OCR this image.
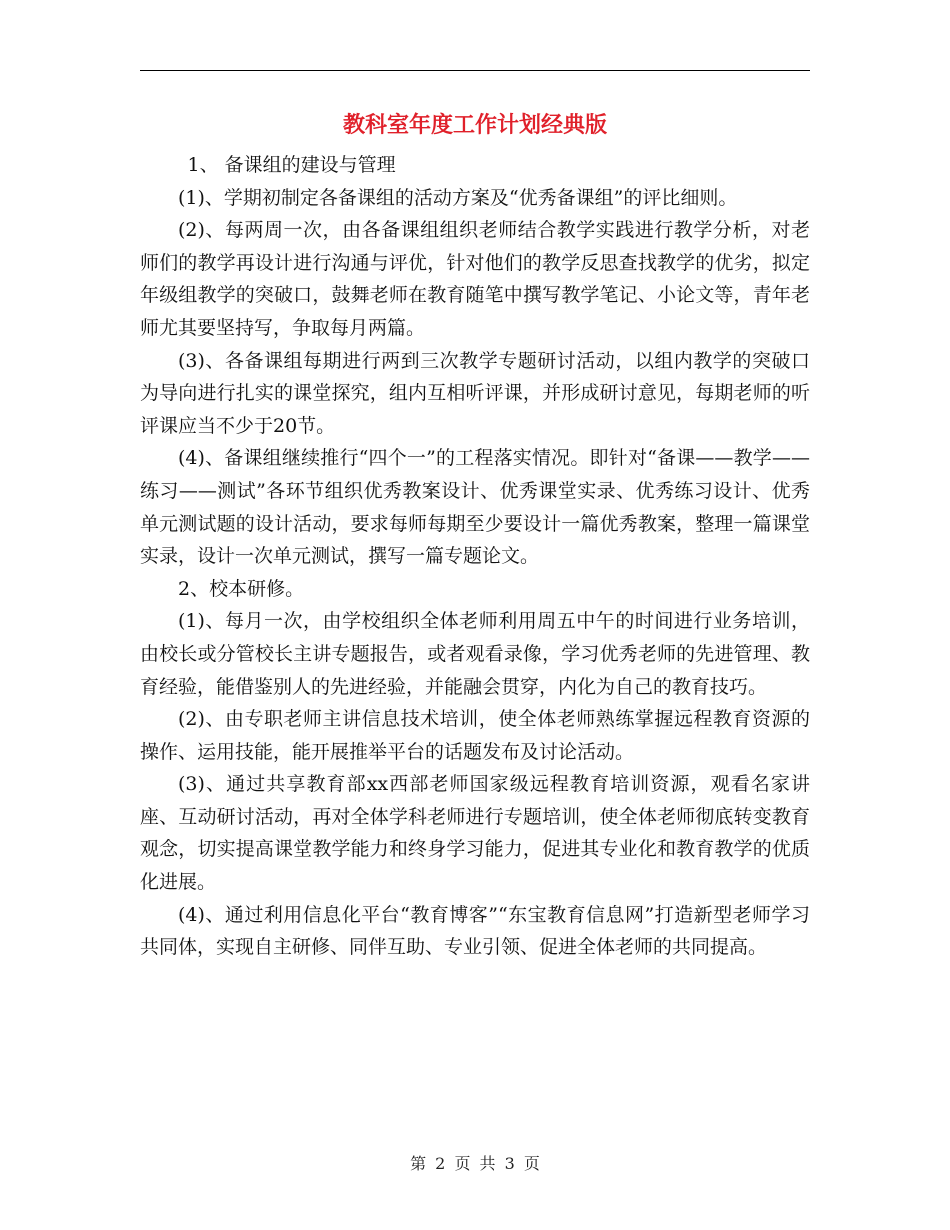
教科室年度工作计划经典版

1、 备课组的建设与管理

(1)、学期初制定各备课组的活动方案及“优秀备课组”的评比细则。

(2)、每两周一次，由各备课组组织老师结合教学实践进行教学分析，对老师们的教学再设计进行沟通与评优，针对他们的教学反思查找教学的优劣，拟定年级组教学的突破口，鼓舞老师在教育随笔中撰写教学笔记、小论文等，青年老师尤其要坚持写，争取每月两篇。

(3)、各备课组每期进行两到三次教学专题研讨活动，以组内教学的突破口为导向进行扎实的课堂探究，组内互相听评课，并形成研讨意见，每期老师的听评课应当不少于20节。

(4)、备课组继续推行“四个一”的工程落实情况。即针对“备课——教学——练习——测试”各环节组织优秀教案设计、优秀课堂实录、优秀练习设计、优秀单元测试题的设计活动，要求每师每期至少要设计一篇优秀教案，整理一篇课堂实录，设计一次单元测试，撰写一篇专题论文。

2、校本研修。

(1)、每月一次，由学校组织全体老师利用周五中午的时间进行业务培训，由校长或分管校长主讲专题报告，或者观看录像，学习优秀老师的先进管理、教育经验，能借鉴别人的先进经验，并能融会贯穿，内化为自己的教育技巧。

(2)、由专职老师主讲信息技术培训，使全体老师熟练掌握远程教育资源的操作、运用技能，能开展推举平台的话题发布及讨论活动。

(3)、通过共享教育部xx西部老师国家级远程教育培训资源，观看名家讲座、互动研讨活动，再对全体学科老师进行专题培训，使全体老师彻底转变教育观念，切实提高课堂教学能力和终身学习能力，促进其专业化和教育教学的优质化进展。

(4)、通过利用信息化平台“教育博客”“东宝教育信息网”打造新型老师学习共同体，实现自主研修、同伴互助、专业引领、促进全体老师的共同提高。

第 2 页 共 3 页
